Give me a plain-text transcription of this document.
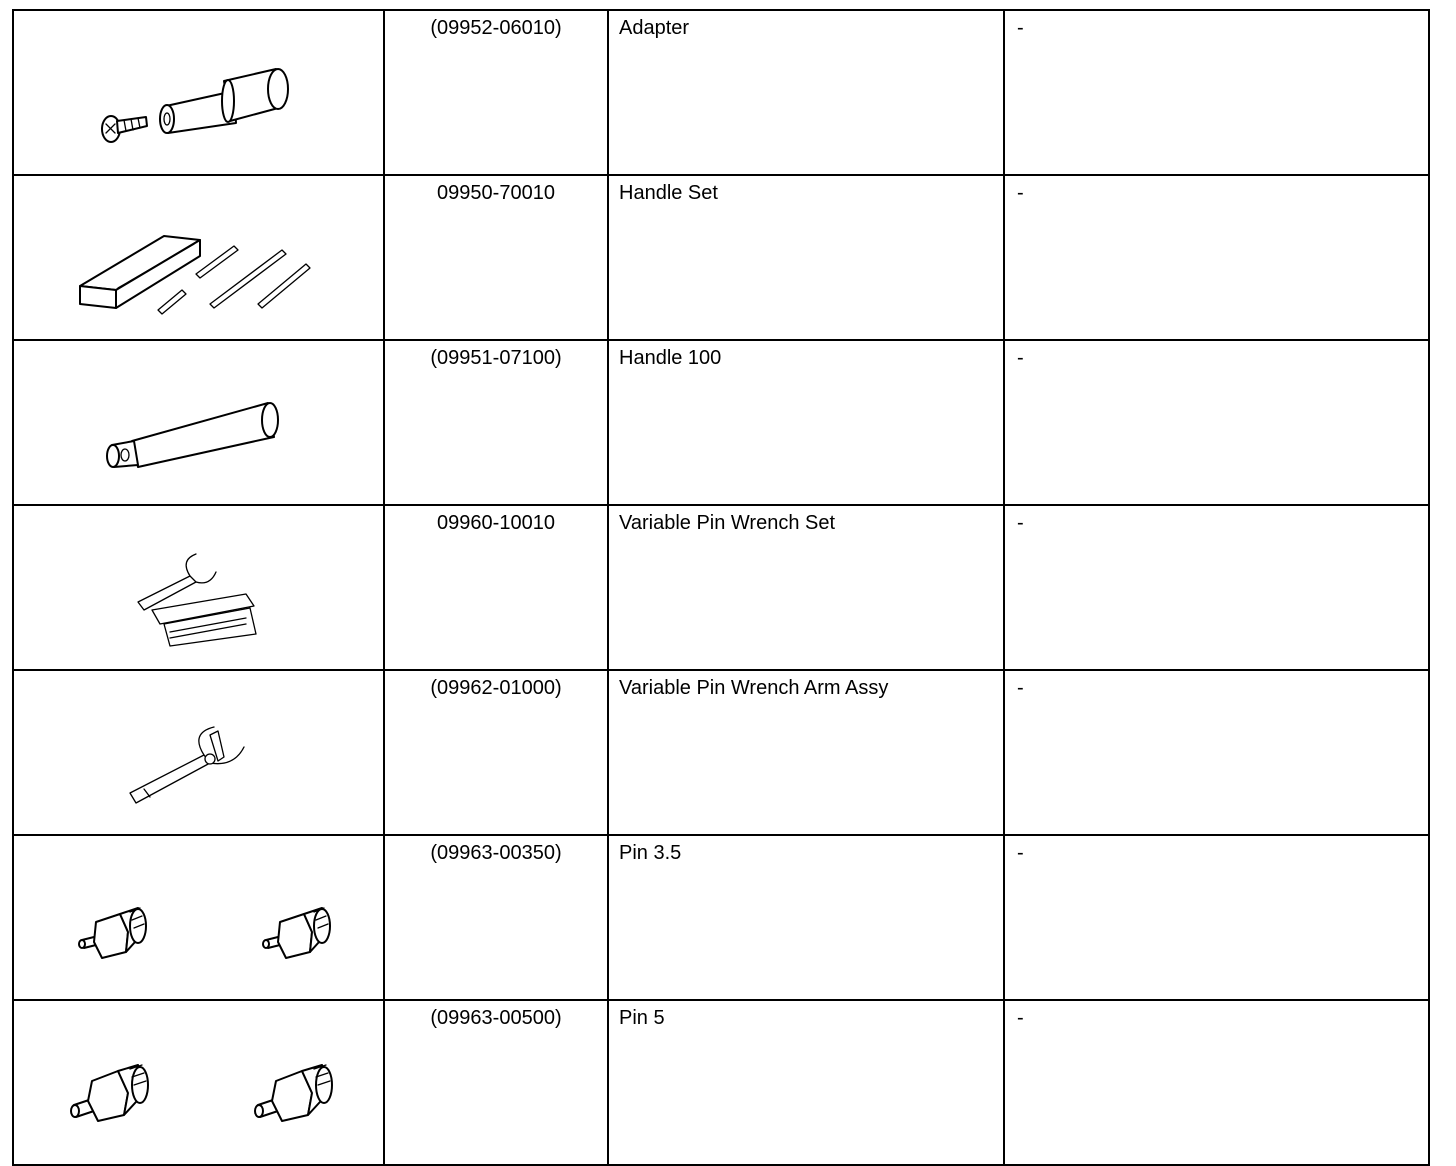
	(09952-06010)	Adapter	-

	09950-70010	Handle Set	-

	(09951-07100)	Handle 100	-

	09960-10010	Variable Pin Wrench Set	-

	(09962-01000)	Variable Pin Wrench Arm Assy	-

	(09963-00350)	Pin 3.5	-

	(09963-00500)	Pin 5	-
